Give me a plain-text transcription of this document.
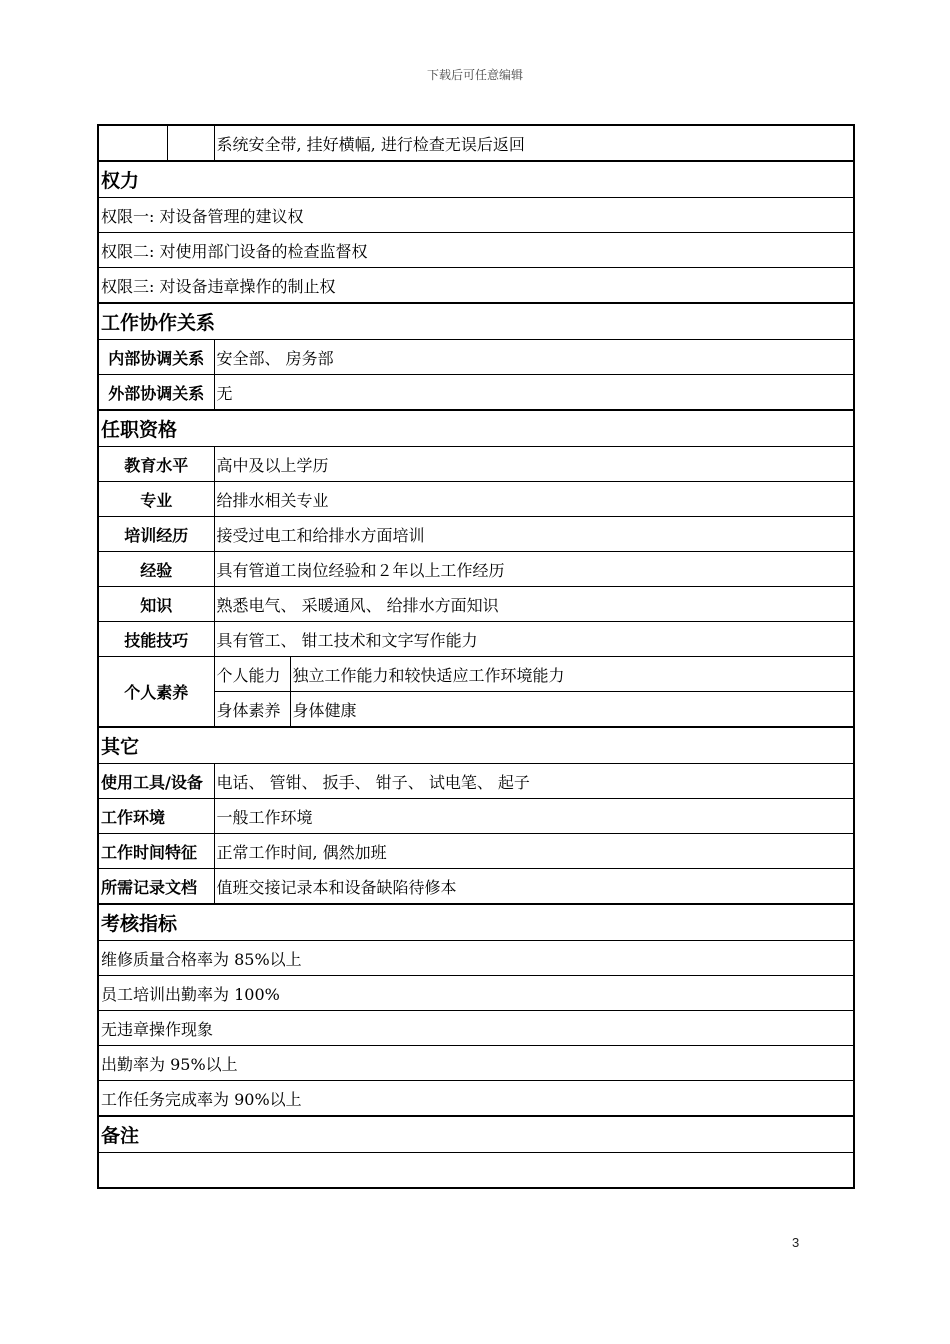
下载后可任意编辑
		系统安全带, 挂好横幅, 进行检查无误后返回	
权力			
权限一: 对设备管理的建议权			
权限二: 对使用部门设备的检查监督权			
权限三: 对设备违章操作的制止权			
工作协作关系			
内部协调关系		安全部、 房务部	
外部协调关系		无	
任职资格			
教育水平		高中及以上学历	
专业		给排水相关专业	
培训经历		接受过电工和给排水方面培训	
经验		具有管道工岗位经验和２年以上工作经历	
知识		熟悉电气、 采暖通风、 给排水方面知识	
技能技巧		具有管工、 钳工技术和文字写作能力	
个人素养		个人能力	独立工作能力和较快适应工作环境能力
		身体素养	身体健康
其它			
使用工具/设备		电话、 管钳、 扳手、 钳子、 试电笔、 起子	
工作环境		一般工作环境	
工作时间特征		正常工作时间, 偶然加班	
所需记录文档		值班交接记录本和设备缺陷待修本	
考核指标			
维修质量合格率为 85%以上			
员工培训出勤率为 100%			
无违章操作现象			
出勤率为 95%以上			
工作任务完成率为 90%以上			
备注			

3
